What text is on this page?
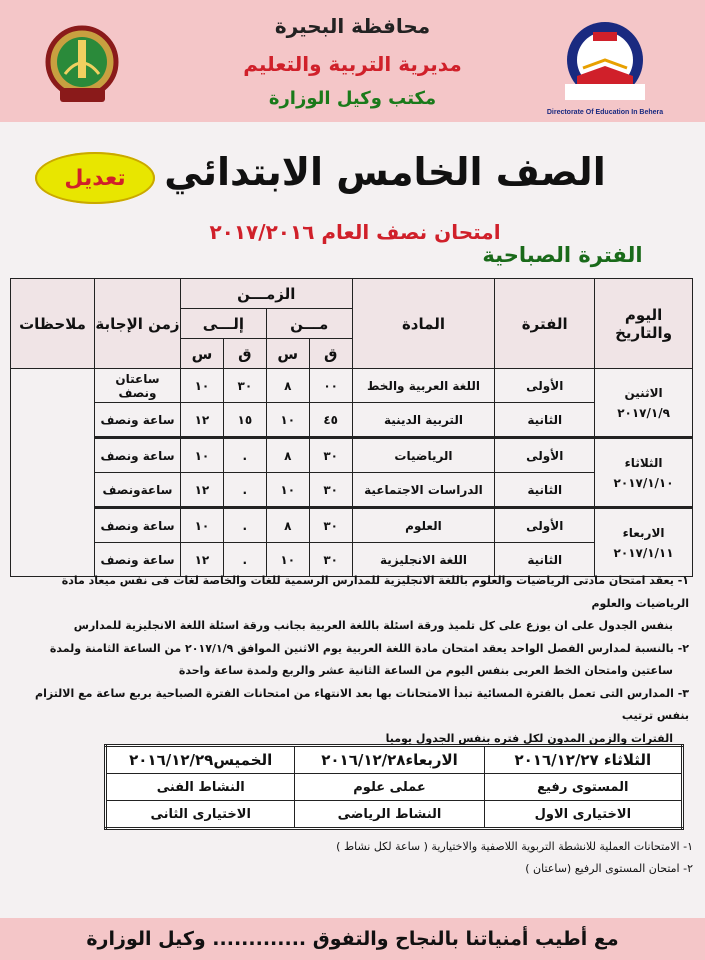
محافظة البحيرة
مديرية التربية والتعليم
مكتب وكيل الوزارة
Directorate Of Education In Behera
تعديل	الصف الخامس الابتدائي
امتحان نصف العام ٢٠١٧/٢٠١٦
الفترة الصباحية
اليوم والتاريخ	الفترة	المادة	الزمـــن				زمن الإجابة	ملاحظات
			مـــن		إلـــى			
			ق	س	ق	س		

الاثنين
٢٠١٧/١/٩	الأولى	اللغة العربية والخط	٠٠	٨	٣٠	١٠	ساعتان ونصف	
	الثانية	التربية الدينية	٤٥	١٠	١٥	١٢	ساعة ونصف	

الثلاثاء
٢٠١٧/١/١٠	الأولى	الرياضيات	٣٠	٨	.	١٠	ساعة ونصف	
	الثانية	الدراسات الاجتماعية	٣٠	١٠	.	١٢	ساعةونصف	

الاربعاء
٢٠١٧/١/١١	الأولى	العلوم	٣٠	٨	.	١٠	ساعة ونصف	
	الثانية	اللغة الانجليزية	٣٠	١٠	.	١٢	ساعة ونصف	
١- يعقد امتحان مادتى الرياضيات والعلوم باللغة الانجليزية للمدارس الرسمية للغات والخاصة لغات فى نفس ميعاد مادة الرياضيات والعلوم
بنفس الجدول على ان يوزع على كل تلميذ ورقة اسئلة باللغة العربية بجانب ورقة اسئلة اللغة الانجليزية للمدارس
٢- بالنسبة لمدارس الفصل الواحد يعقد امتحان مادة اللغة العربية يوم الاثنين الموافق ٢٠١٧/١/٩ من الساعة الثامنة ولمدة
ساعتين وامتحان الخط العربى بنفس اليوم من الساعة الثانية عشر والربع ولمدة ساعة واحدة
٣- المدارس التى تعمل بالفترة المسائية تبدأ الامتحانات بها بعد الانتهاء من امتحانات الفترة الصباحية بربع ساعة مع الالتزام بنفس ترتيب
الفترات والزمن المدون لكل فتره بنفس الجدول يوميا
الثلاثاء ٢٠١٦/١٢/٢٧	الاربعاء٢٠١٦/١٢/٢٨	الخميس٢٠١٦/١٢/٢٩
المستوى رفيع	عملى علوم	النشاط الفنى
الاختيارى الاول	النشاط الرياضى	الاختيارى الثانى
١- الامتحانات العملية للانشطة التربوية اللاصفية والاختيارية ( ساعة لكل نشاط )
٢- امتحان المستوى الرفيع (ساعتان )
مع أطيب أمنياتنا بالنجاح والتفوق ............. وكيل الوزارة
